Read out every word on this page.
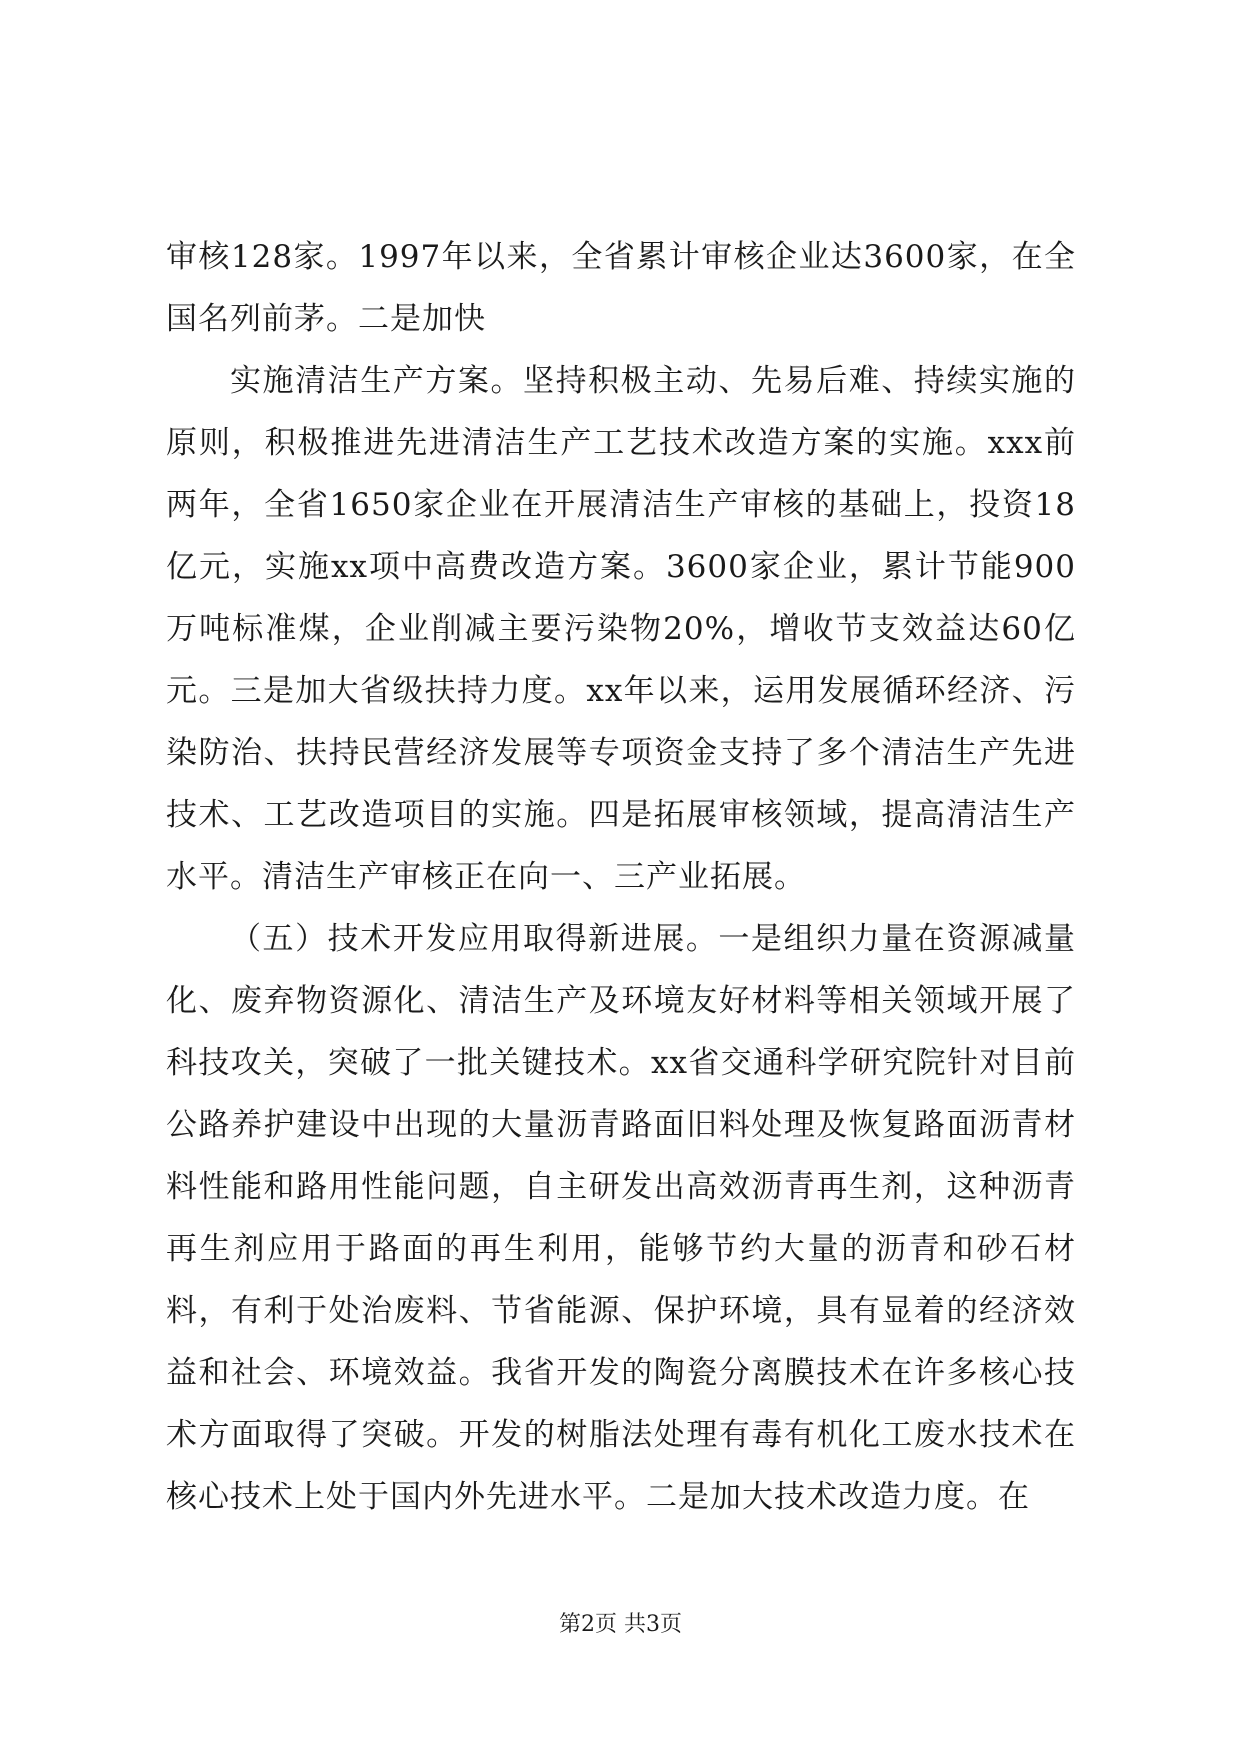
审核128家。1997年以来，全省累计审核企业达3600家，在全国名列前茅。二是加快

实施清洁生产方案。坚持积极主动、先易后难、持续实施的原则，积极推进先进清洁生产工艺技术改造方案的实施。xxx前两年，全省1650家企业在开展清洁生产审核的基础上，投资18亿元，实施xx项中高费改造方案。3600家企业，累计节能900万吨标准煤，企业削减主要污染物20%，增收节支效益达60亿元。三是加大省级扶持力度。xx年以来，运用发展循环经济、污染防治、扶持民营经济发展等专项资金支持了多个清洁生产先进技术、工艺改造项目的实施。四是拓展审核领域，提高清洁生产水平。清洁生产审核正在向一、三产业拓展。

（五）技术开发应用取得新进展。一是组织力量在资源减量化、废弃物资源化、清洁生产及环境友好材料等相关领域开展了科技攻关，突破了一批关键技术。xx省交通科学研究院针对目前公路养护建设中出现的大量沥青路面旧料处理及恢复路面沥青材料性能和路用性能问题，自主研发出高效沥青再生剂，这种沥青再生剂应用于路面的再生利用，能够节约大量的沥青和砂石材料，有利于处治废料、节省能源、保护环境，具有显着的经济效益和社会、环境效益。我省开发的陶瓷分离膜技术在许多核心技术方面取得了突破。开发的树脂法处理有毒有机化工废水技术在核心技术上处于国内外先进水平。二是加大技术改造力度。在

第2页 共3页
